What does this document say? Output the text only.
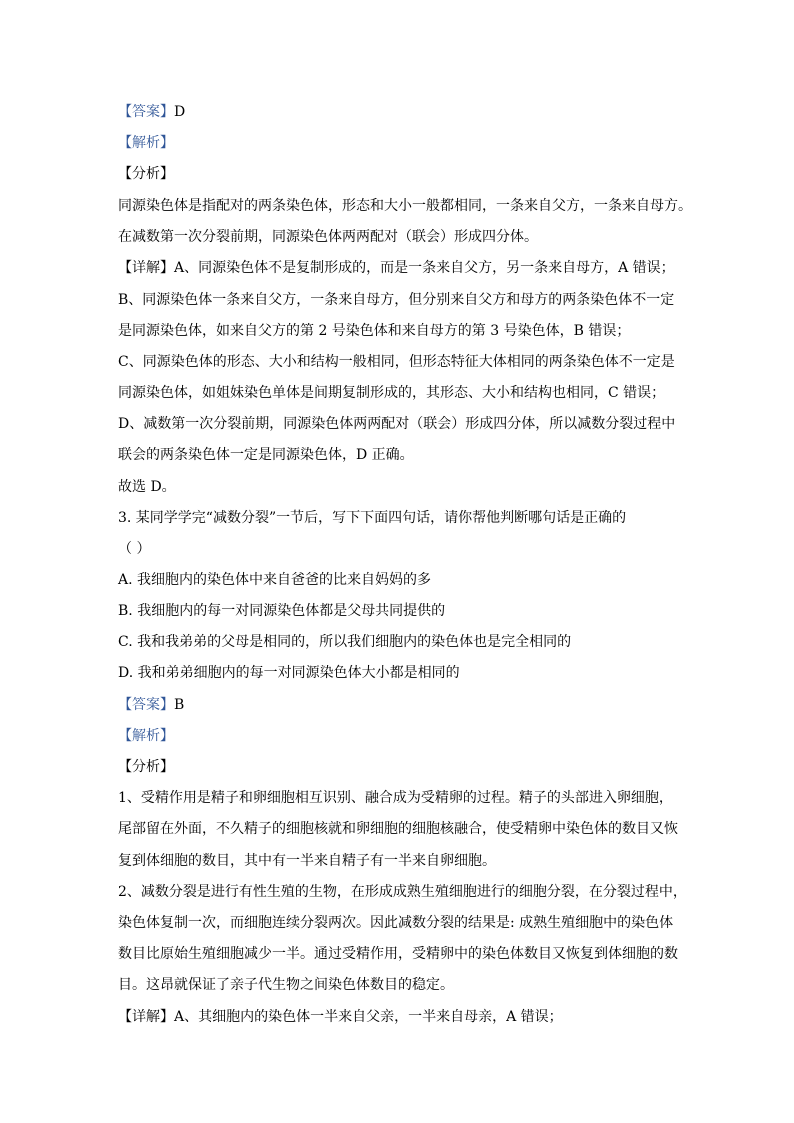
【答案】D
【解析】
【分析】
同源染色体是指配对的两条染色体，形态和大小一般都相同，一条来自父方，一条来自母方。
在减数第一次分裂前期，同源染色体两两配对（联会）形成四分体。
【详解】A、同源染色体不是复制形成的，而是一条来自父方，另一条来自母方，A 错误；
B、同源染色体一条来自父方，一条来自母方，但分别来自父方和母方的两条染色体不一定
是同源染色体，如来自父方的第 2 号染色体和来自母方的第 3 号染色体，B 错误；
C、同源染色体的形态、大小和结构一般相同，但形态特征大体相同的两条染色体不一定是
同源染色体，如姐妹染色单体是间期复制形成的，其形态、大小和结构也相同，C 错误；
D、减数第一次分裂前期，同源染色体两两配对（联会）形成四分体，所以减数分裂过程中
联会的两条染色体一定是同源染色体，D 正确。
故选 D。
3. 某同学学完“减数分裂”一节后，写下下面四句话，请你帮他判断哪句话是正确的
（ ）
A. 我细胞内的染色体中来自爸爸的比来自妈妈的多
B. 我细胞内的每一对同源染色体都是父母共同提供的
C. 我和我弟弟的父母是相同的，所以我们细胞内的染色体也是完全相同的
D. 我和弟弟细胞内的每一对同源染色体大小都是相同的
【答案】B
【解析】
【分析】
1、受精作用是精子和卵细胞相互识别、融合成为受精卵的过程。精子的头部进入卵细胞，
尾部留在外面，不久精子的细胞核就和卵细胞的细胞核融合，使受精卵中染色体的数目又恢
复到体细胞的数目，其中有一半来自精子有一半来自卵细胞。
2、减数分裂是进行有性生殖的生物，在形成成熟生殖细胞进行的细胞分裂，在分裂过程中，
染色体复制一次，而细胞连续分裂两次。因此减数分裂的结果是: 成熟生殖细胞中的染色体
数目比原始生殖细胞减少一半。通过受精作用，受精卵中的染色体数目又恢复到体细胞的数
目。这昂就保证了亲子代生物之间染色体数目的稳定。
【详解】A、其细胞内的染色体一半来自父亲，一半来自母亲，A 错误；
